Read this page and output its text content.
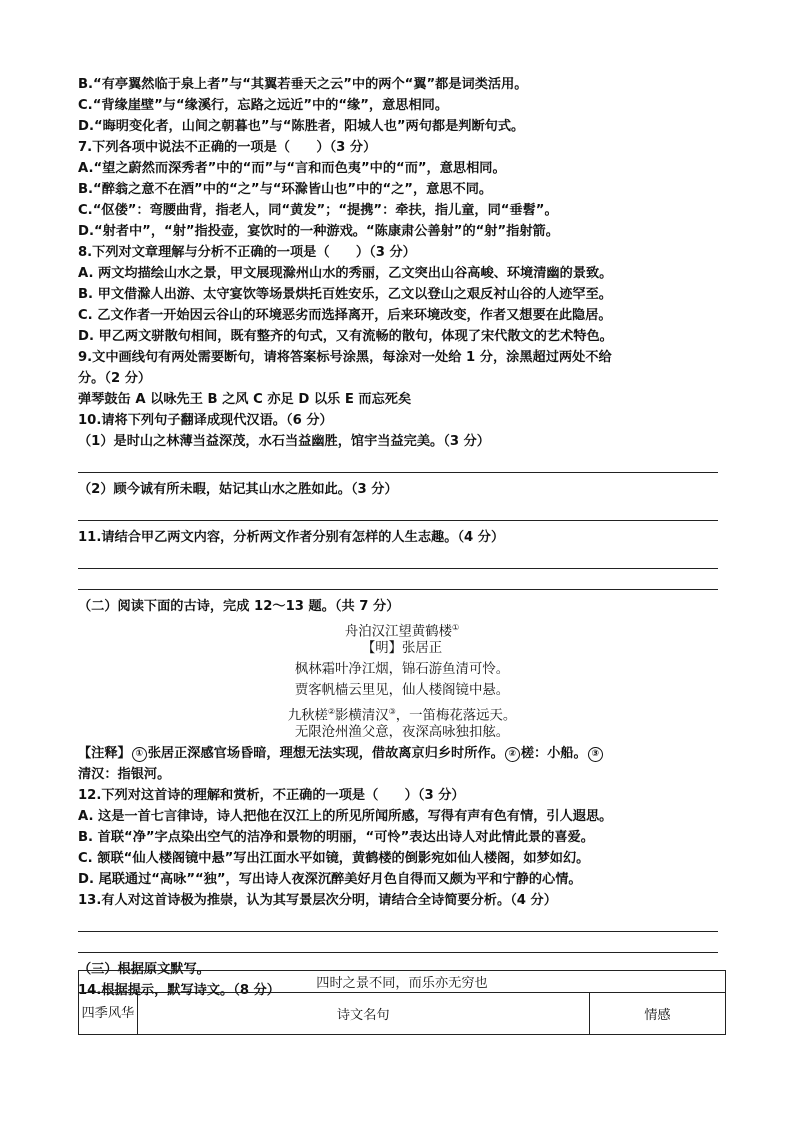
B.“有亭翼然临于泉上者”与“其翼若垂天之云”中的两个“翼”都是词类活用。
C.“背缘崖壁”与“缘溪行，忘路之远近”中的“缘”，意思相同。
D.“晦明变化者，山间之朝暮也”与“陈胜者，阳城人也”两句都是判断句式。
7.下列各项中说法不正确的一项是（　　）（3 分）
A.“望之蔚然而深秀者”中的“而”与“言和而色夷”中的“而”，意思相同。
B.“醉翁之意不在酒”中的“之”与“环滁皆山也”中的“之”，意思不同。
C.“伛偻”：弯腰曲背，指老人，同“黄发”；“提携”：牵扶，指儿童，同“垂髫”。
D.“射者中”，“射”指投壶，宴饮时的一种游戏。“陈康肃公善射”的“射”指射箭。
8.下列对文章理解与分析不正确的一项是（　　）（3 分）
A. 两文均描绘山水之景，甲文展现滁州山水的秀丽，乙文突出山谷高峻、环境清幽的景致。
B. 甲文借滁人出游、太守宴饮等场景烘托百姓安乐，乙文以登山之艰反衬山谷的人迹罕至。
C. 乙文作者一开始因云谷山的环境恶劣而选择离开，后来环境改变，作者又想要在此隐居。
D. 甲乙两文骈散句相间，既有整齐的句式，又有流畅的散句，体现了宋代散文的艺术特色。
9.文中画线句有两处需要断句，请将答案标号涂黑，每涂对一处给 1 分，涂黑超过两处不给
分。（2 分）
弹琴鼓缶 A 以咏先王 B 之风 C 亦足 D 以乐 E 而忘死矣
10.请将下列句子翻译成现代汉语。（6 分）
（1）是时山之林薄当益深茂，水石当益幽胜，馆宇当益完美。（3 分）
（2）顾今诚有所未暇，姑记其山水之胜如此。（3 分）
11.请结合甲乙两文内容，分析两文作者分别有怎样的人生志趣。（4 分）
（二）阅读下面的古诗，完成 12～13 题。（共 7 分）
舟泊汉江望黄鹤楼①
【明】张居正
枫林霜叶净江烟，锦石游鱼清可怜。
贾客帆樯云里见，仙人楼阁镜中悬。
九秋槎②影横清汉③，一笛梅花落远天。
无限沧州渔父意，夜深高咏独扣舷。
【注释】 ① 张居正深感官场昏暗，理想无法实现，借故离京归乡时所作。 ② 槎：小船。 ③
清汉：指银河。
12.下列对这首诗的理解和赏析，不正确的一项是（　　）（3 分）
A. 这是一首七言律诗，诗人把他在汉江上的所见所闻所感，写得有声有色有情，引人遐思。
B. 首联“净”字点染出空气的洁净和景物的明丽，“可怜”表达出诗人对此情此景的喜爱。
C. 颔联“仙人楼阁镜中悬”写出江面水平如镜，黄鹤楼的倒影宛如仙人楼阁，如梦如幻。
D. 尾联通过“高咏”“独”，写出诗人夜深沉醉美好月色自得而又颇为平和宁静的心情。
13.有人对这首诗极为推崇，认为其写景层次分明，请结合全诗简要分析。（4 分）
（三）根据原文默写。
14.根据提示，默写诗文。（8 分）	四时之景不同，而乐亦无穷也
四季风华	诗文名句	情感
